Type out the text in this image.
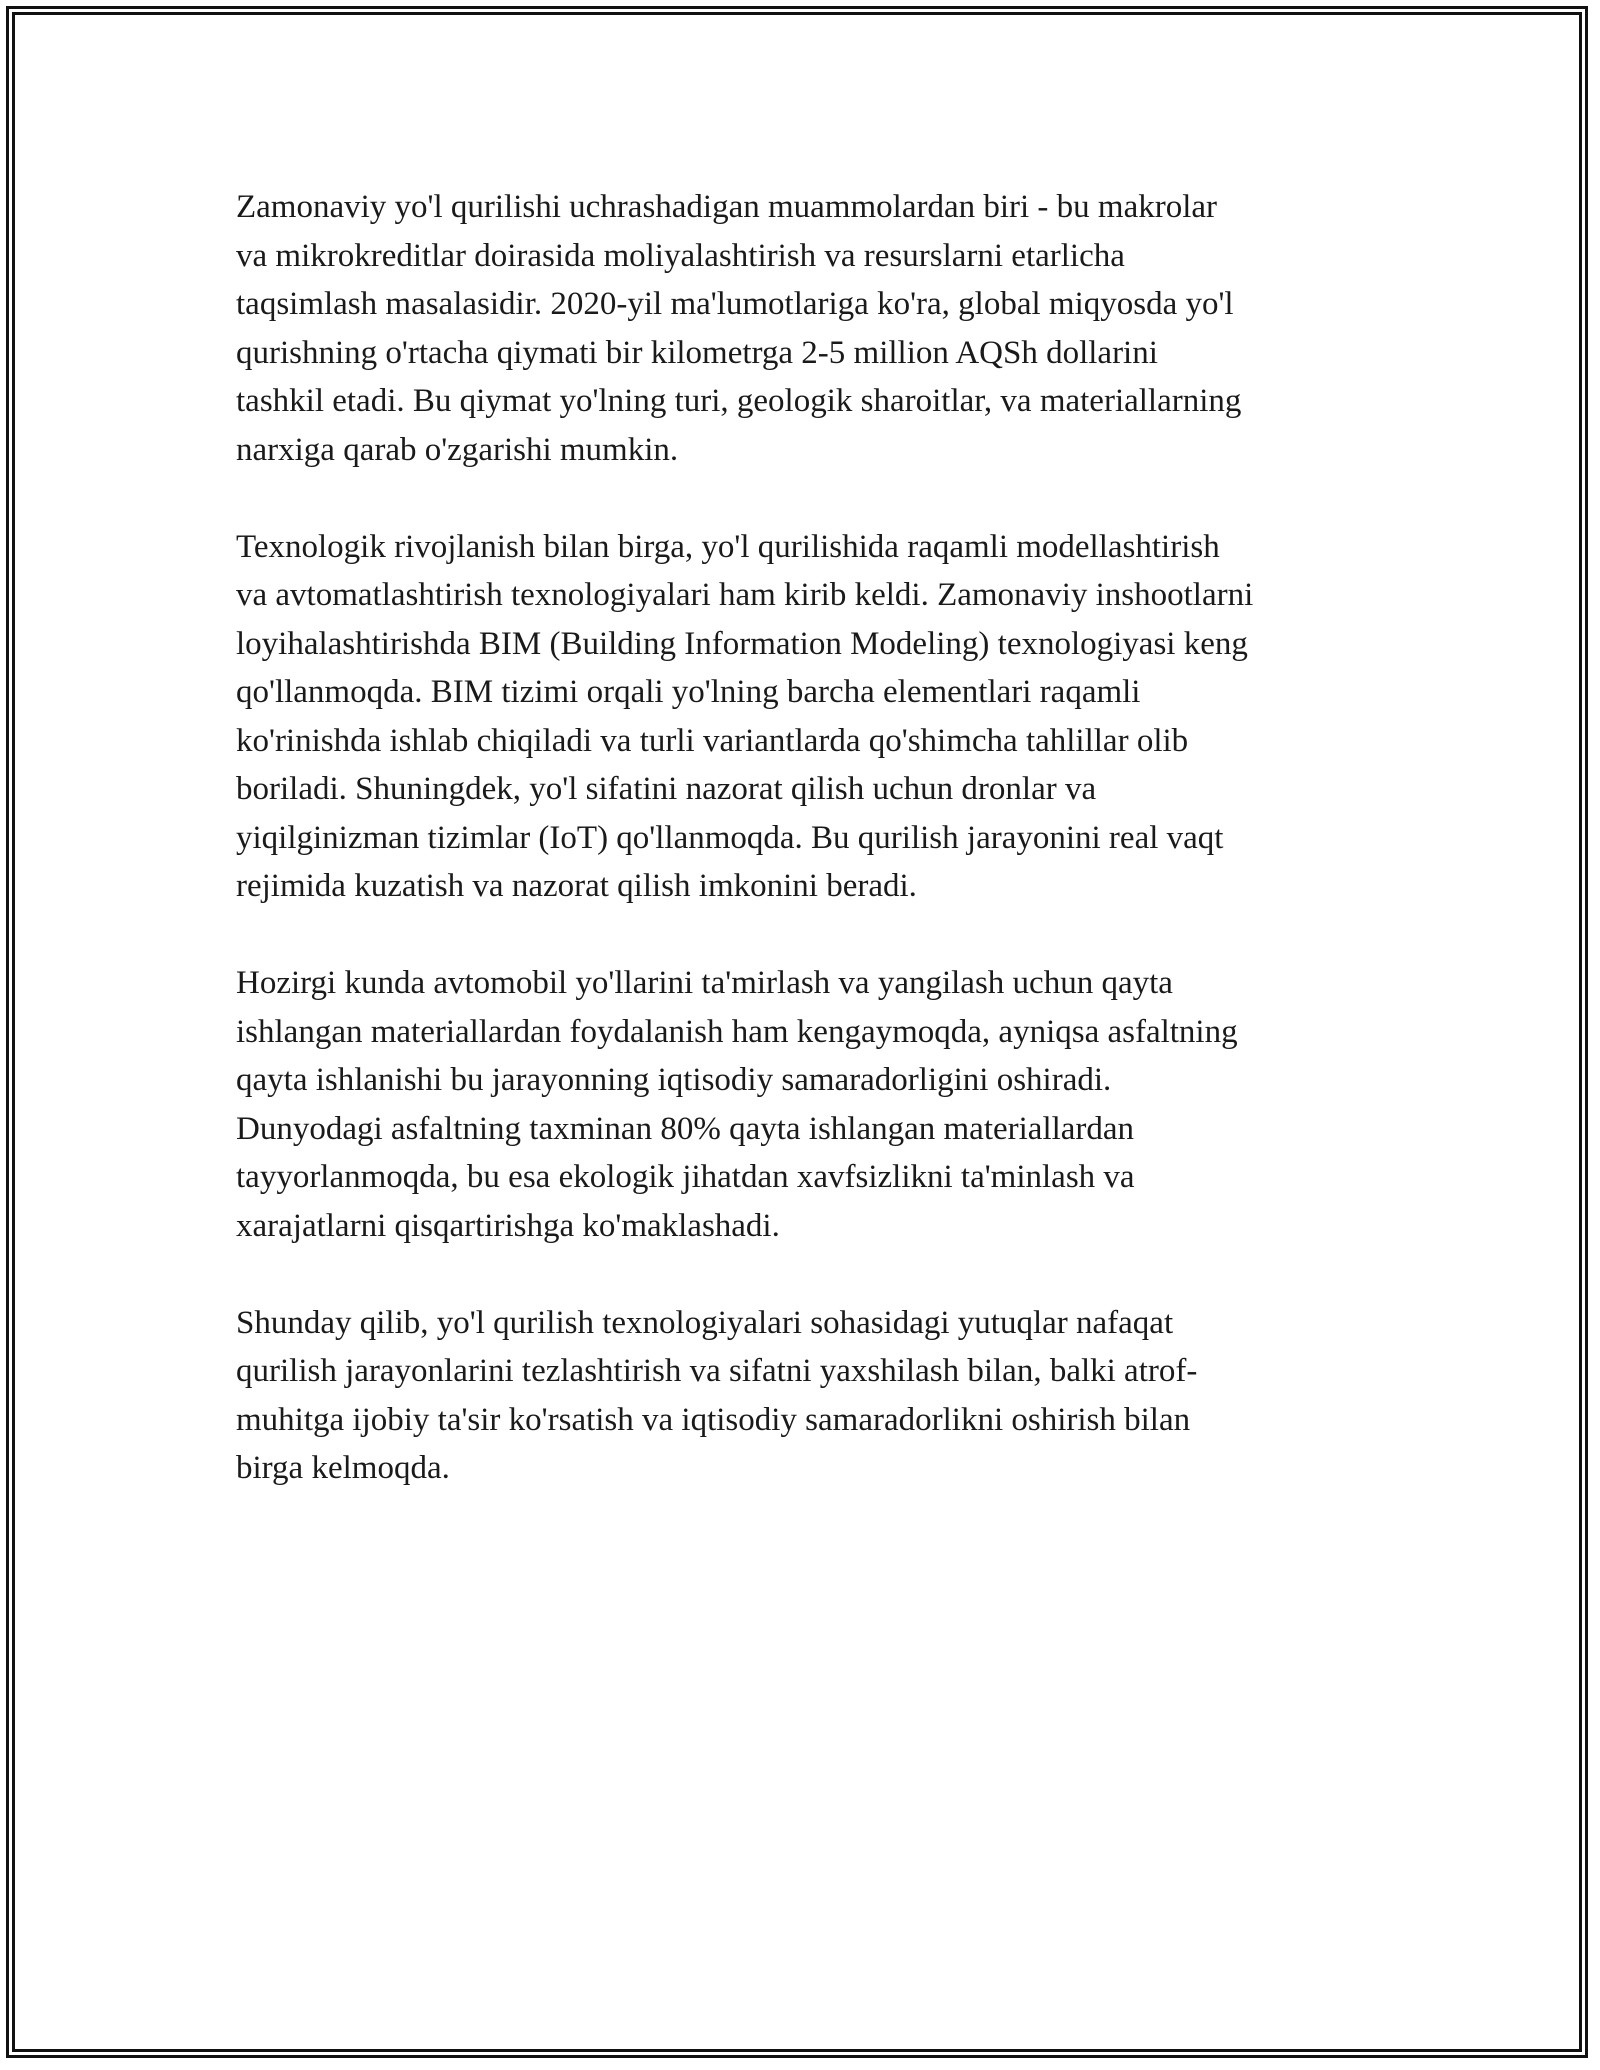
Zamonaviy yo'l qurilishi uchrashadigan muammolardan biri - bu makrolar
va mikrokreditlar doirasida moliyalashtirish va resurslarni etarlicha
taqsimlash masalasidir. 2020-yil ma'lumotlariga ko'ra, global miqyosda yo'l
qurishning o'rtacha qiymati bir kilometrga 2-5 million AQSh dollarini
tashkil etadi. Bu qiymat yo'lning turi, geologik sharoitlar, va materiallarning
narxiga qarab o'zgarishi mumkin.

Texnologik rivojlanish bilan birga, yo'l qurilishida raqamli modellashtirish
va avtomatlashtirish texnologiyalari ham kirib keldi. Zamonaviy inshootlarni
loyihalashtirishda BIM (Building Information Modeling) texnologiyasi keng
qo'llanmoqda. BIM tizimi orqali yo'lning barcha elementlari raqamli
ko'rinishda ishlab chiqiladi va turli variantlarda qo'shimcha tahlillar olib
boriladi. Shuningdek, yo'l sifatini nazorat qilish uchun dronlar va
yiqilginizman tizimlar (IoT) qo'llanmoqda. Bu qurilish jarayonini real vaqt
rejimida kuzatish va nazorat qilish imkonini beradi.

Hozirgi kunda avtomobil yo'llarini ta'mirlash va yangilash uchun qayta
ishlangan materiallardan foydalanish ham kengaymoqda, ayniqsa asfaltning
qayta ishlanishi bu jarayonning iqtisodiy samaradorligini oshiradi.
Dunyodagi asfaltning taxminan 80% qayta ishlangan materiallardan
tayyorlanmoqda, bu esa ekologik jihatdan xavfsizlikni ta'minlash va
xarajatlarni qisqartirishga ko'maklashadi.

Shunday qilib, yo'l qurilish texnologiyalari sohasidagi yutuqlar nafaqat
qurilish jarayonlarini tezlashtirish va sifatni yaxshilash bilan, balki atrof-
muhitga ijobiy ta'sir ko'rsatish va iqtisodiy samaradorlikni oshirish bilan
birga kelmoqda.
